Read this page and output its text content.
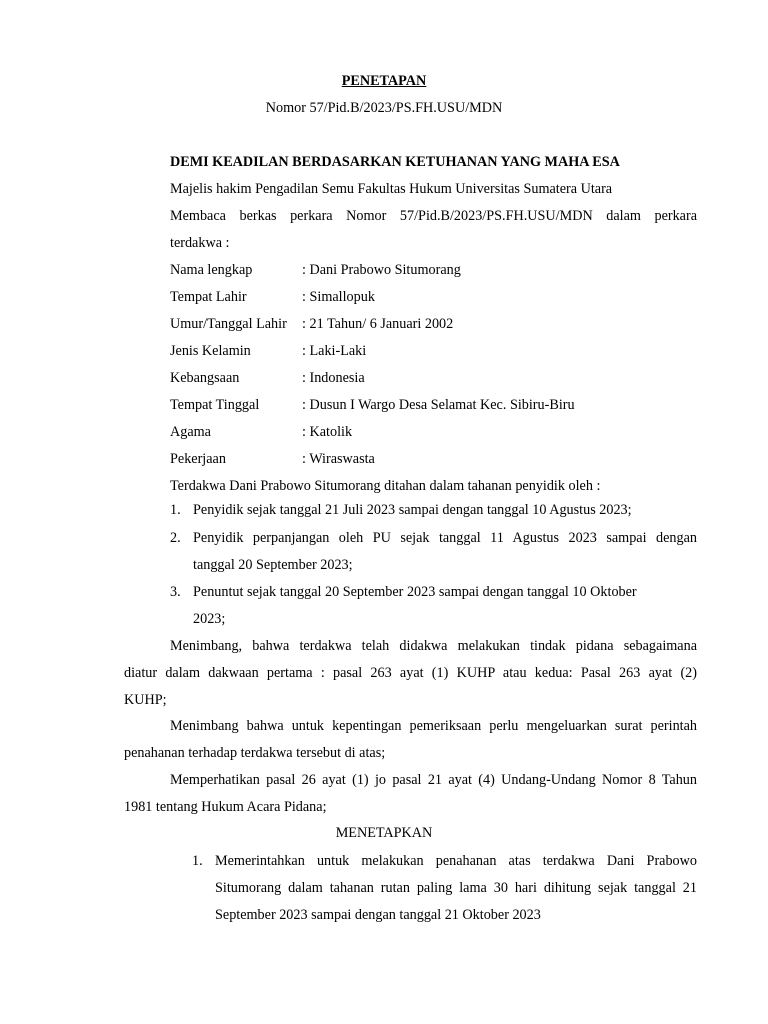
PENETAPAN
Nomor 57/Pid.B/2023/PS.FH.USU/MDN
DEMI KEADILAN BERDASARKAN KETUHANAN YANG MAHA ESA
Majelis hakim Pengadilan Semu Fakultas Hukum Universitas Sumatera Utara
Membaca berkas perkara Nomor 57/Pid.B/2023/PS.FH.USU/MDN dalam perkara
terdakwa :
Nama lengkap	: Dani Prabowo Situmorang
Tempat Lahir	: Simallopuk
Umur/Tanggal Lahir : 21 Tahun/ 6 Januari 2002
Jenis Kelamin	: Laki-Laki
Kebangsaan	: Indonesia
Tempat Tinggal	: Dusun I Wargo Desa Selamat Kec. Sibiru-Biru
Agama	: Katolik
Pekerjaan	: Wiraswasta
Terdakwa Dani Prabowo Situmorang ditahan dalam tahanan penyidik oleh :
1. Penyidik sejak tanggal 21 Juli 2023 sampai dengan tanggal 10 Agustus 2023;
2. Penyidik perpanjangan oleh PU sejak tanggal 11 Agustus 2023 sampai dengan
tanggal 20 September 2023;
3. Penuntut sejak tanggal 20 September 2023 sampai dengan tanggal 10 Oktober
2023;
Menimbang, bahwa terdakwa telah didakwa melakukan tindak pidana sebagaimana
diatur dalam dakwaan pertama : pasal 263 ayat (1) KUHP atau kedua: Pasal 263 ayat (2)
KUHP;
Menimbang bahwa untuk kepentingan pemeriksaan perlu mengeluarkan surat perintah
penahanan terhadap terdakwa tersebut di atas;
Memperhatikan pasal 26 ayat (1) jo pasal 21 ayat (4) Undang-Undang Nomor 8 Tahun
1981 tentang Hukum Acara Pidana;
MENETAPKAN
1. Memerintahkan untuk melakukan penahanan atas terdakwa Dani Prabowo
Situmorang dalam tahanan rutan paling lama 30 hari dihitung sejak tanggal 21
September 2023 sampai dengan tanggal 21 Oktober 2023
